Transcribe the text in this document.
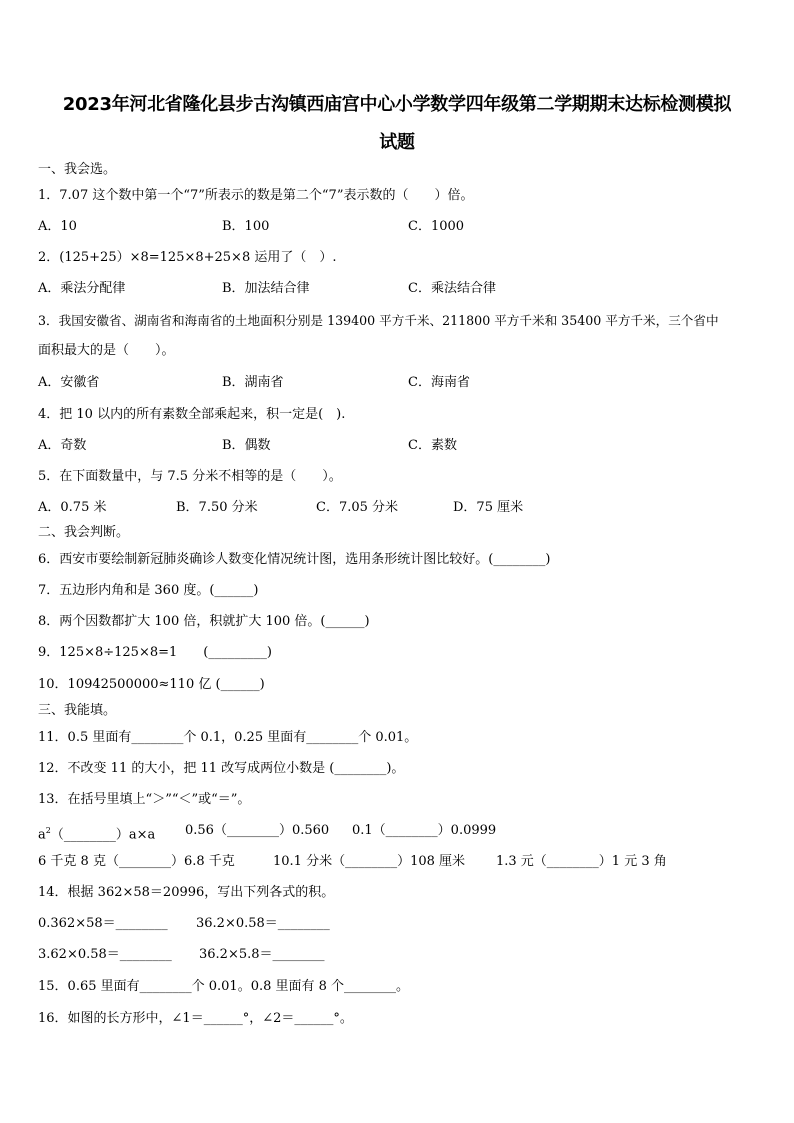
2023年河北省隆化县步古沟镇西庙宫中心小学数学四年级第二学期期末达标检测模拟
试题
一、我会选。
1．7.07 这个数中第一个“7”所表示的数是第二个“7”表示数的（　　）倍。
A．10	B．100	C．1000
2．(125+25）×8=125×8+25×8 运用了（　）.
A．乘法分配律	B．加法结合律	C．乘法结合律
3．我国安徽省、湖南省和海南省的土地面积分别是 139400 平方千米、211800 平方千米和 35400 平方千米，三个省中
面积最大的是（　　）。
A．安徽省	B．湖南省	C．海南省
4．把 10 以内的所有素数全部乘起来，积一定是(　).
A．奇数	B．偶数	C．素数
5．在下面数量中，与 7.5 分米不相等的是（　　）。
A．0.75 米	B．7.50 分米	C．7.05 分米	D．75 厘米
二、我会判断。
6．西安市要绘制新冠肺炎确诊人数变化情况统计图，选用条形统计图比较好。(________)
7．五边形内角和是 360 度。(______)
8．两个因数都扩大 100 倍，积就扩大 100 倍。(______)
9．125×8÷125×8=1　　(_________)
10．10942500000≈110 亿 (______)
三、我能填。
11．0.5 里面有________个 0.1，0.25 里面有________个 0.01。
12．不改变 11 的大小，把 11 改写成两位小数是 (________)。
13．在括号里填上“＞”“＜”或“＝”。
$a^2(\_\_\_\_\_\_\_\_)a\times a$ 0.56（________）0.560 0.1（________）0.0999
6 千克 8 克（________）6.8 千克	10.1 分米（________）108 厘米 1.3 元（________）1 元 3 角
14．根据 362×58＝20996，写出下列各式的积。
0.362×58＝________ 36.2×0.58＝________
3.62×0.58＝________ 36.2×5.8＝________
15．0.65 里面有________个 0.01。0.8 里面有 8 个________。
16．如图的长方形中，∠1＝______°，∠2＝______°。
